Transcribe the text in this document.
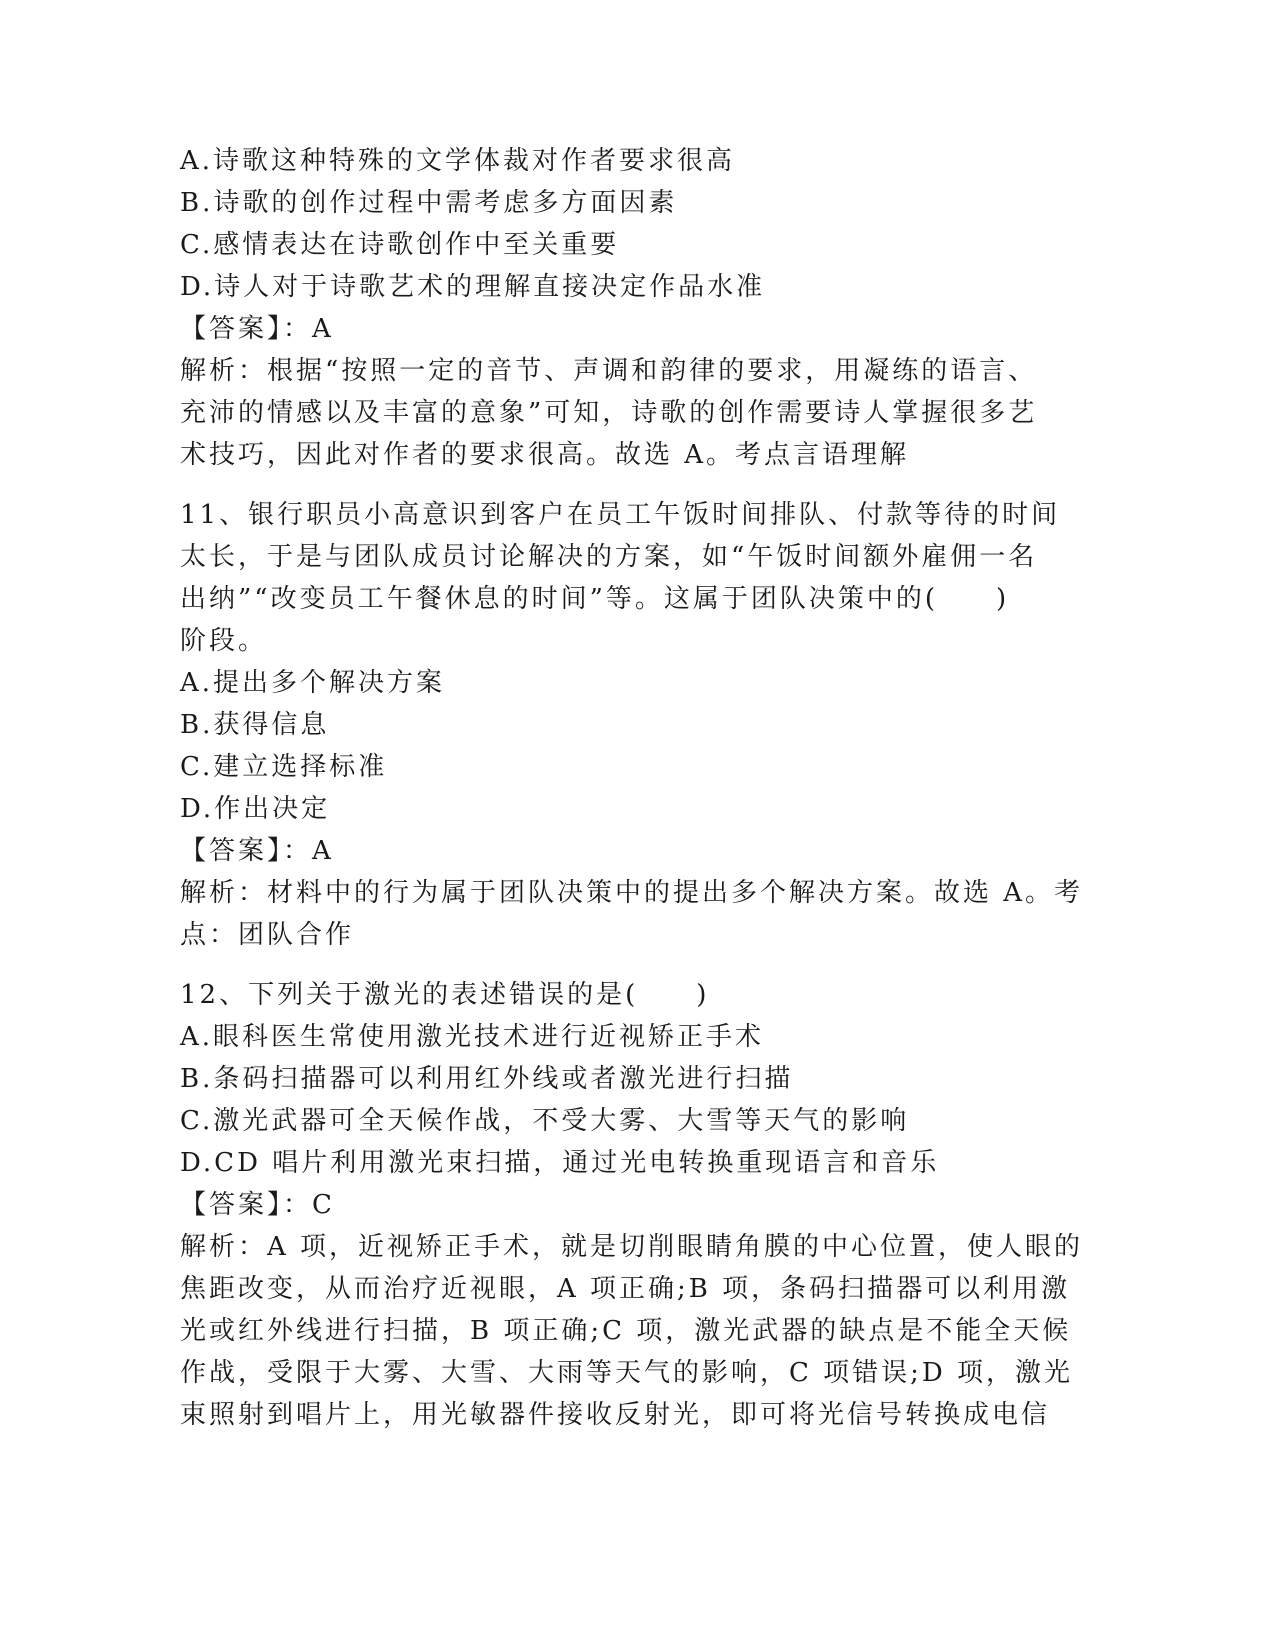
A.诗歌这种特殊的文学体裁对作者要求很高
B.诗歌的创作过程中需考虑多方面因素
C.感情表达在诗歌创作中至关重要
D.诗人对于诗歌艺术的理解直接决定作品水准
【答案】：A
解析：根据“按照一定的音节、声调和韵律的要求，用凝练的语言、
充沛的情感以及丰富的意象”可知，诗歌的创作需要诗人掌握很多艺
术技巧，因此对作者的要求很高。故选 A。考点言语理解
11、银行职员小高意识到客户在员工午饭时间排队、付款等待的时间
太长，于是与团队成员讨论解决的方案，如“午饭时间额外雇佣一名
出纳”“改变员工午餐休息的时间”等。这属于团队决策中的(　　)
阶段。
A.提出多个解决方案
B.获得信息
C.建立选择标准
D.作出决定
【答案】：A
解析：材料中的行为属于团队决策中的提出多个解决方案。故选 A。考
点：团队合作
12、下列关于激光的表述错误的是(　　)
A.眼科医生常使用激光技术进行近视矫正手术
B.条码扫描器可以利用红外线或者激光进行扫描
C.激光武器可全天候作战，不受大雾、大雪等天气的影响
D.CD 唱片利用激光束扫描，通过光电转换重现语言和音乐
【答案】：C
解析：A 项，近视矫正手术，就是切削眼睛角膜的中心位置，使人眼的
焦距改变，从而治疗近视眼，A 项正确;B 项，条码扫描器可以利用激
光或红外线进行扫描，B 项正确;C 项，激光武器的缺点是不能全天候
作战，受限于大雾、大雪、大雨等天气的影响，C 项错误;D 项，激光
束照射到唱片上，用光敏器件接收反射光，即可将光信号转换成电信
